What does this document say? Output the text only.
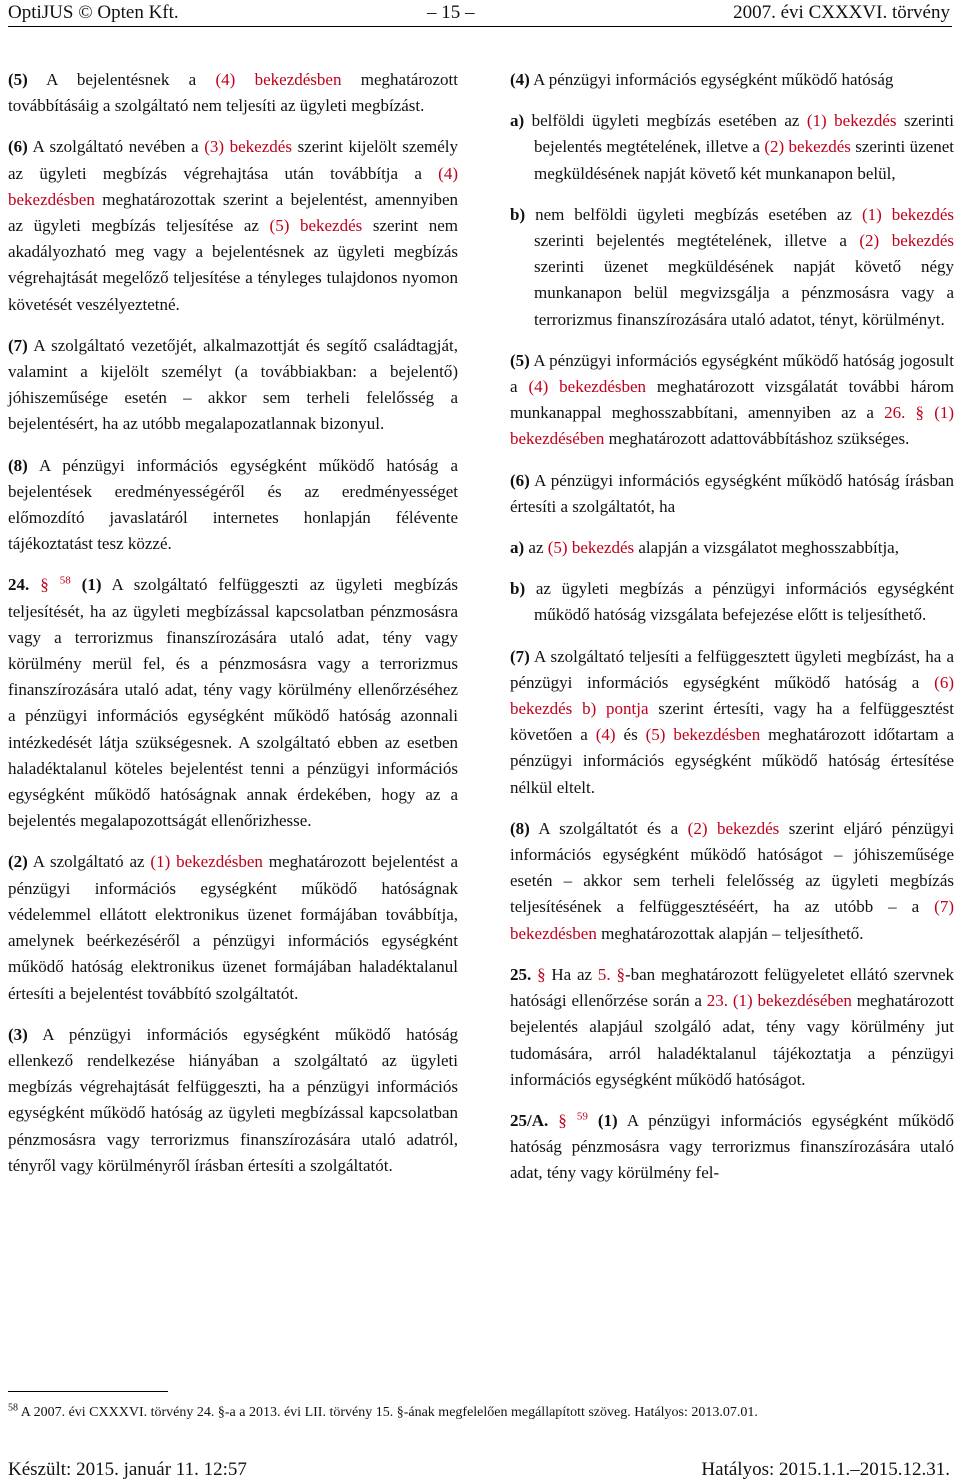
OptiJUS © Opten Kft.	– 15 –	2007. évi CXXXVI. törvény

(5) A bejelentésnek a (4) bekezdésben meghatározott továbbításáig a szolgáltató nem teljesíti az ügyleti megbízást.

(6) A szolgáltató nevében a (3) bekezdés szerint kijelölt személy az ügyleti megbízás végrehajtása után továbbítja a (4) bekezdésben meghatározottak szerint a bejelentést, amennyiben az ügyleti megbízás teljesítése az (5) bekezdés szerint nem akadályozható meg vagy a bejelentésnek az ügyleti megbízás végrehajtását megelőző teljesítése a tényleges tulajdonos nyomon követését veszélyeztetné.

(7) A szolgáltató vezetőjét, alkalmazottját és segítő családtagját, valamint a kijelölt személyt (a továbbiakban: a bejelentő) jóhiszeműsége esetén – akkor sem terheli felelősség a bejelentésért, ha az utóbb megalapozatlannak bizonyul.

(8) A pénzügyi információs egységként működő hatóság a bejelentések eredményességéről és az eredményességet előmozdító javaslatáról internetes honlapján félévente tájékoztatást tesz közzé.

24. § $^{58}$ (1) A szolgáltató felfüggeszti az ügyleti megbízás teljesítését, ha az ügyleti megbízással kapcsolatban pénzmosásra vagy a terrorizmus finanszírozására utaló adat, tény vagy körülmény merül fel, és a pénzmosásra vagy a terrorizmus finanszírozására utaló adat, tény vagy körülmény ellenőrzéséhez a pénzügyi információs egységként működő hatóság azonnali intézkedését látja szükségesnek. A szolgáltató ebben az esetben haladéktalanul köteles bejelentést tenni a pénzügyi információs egységként működő hatóságnak annak érdekében, hogy az a bejelentés megalapozottságát ellenőrizhesse.

(2) A szolgáltató az (1) bekezdésben meghatározott bejelentést a pénzügyi információs egységként működő hatóságnak védelemmel ellátott elektronikus üzenet formájában továbbítja, amelynek beérkezéséről a pénzügyi információs egységként működő hatóság elektronikus üzenet formájában haladéktalanul értesíti a bejelentést továbbító szolgáltatót.

(3) A pénzügyi információs egységként működő hatóság ellenkező rendelkezése hiányában a szolgáltató az ügyleti megbízás végrehajtását felfüggeszti, ha a pénzügyi információs egységként működő hatóság az ügyleti megbízással kapcsolatban pénzmosásra vagy terrorizmus finanszírozására utaló adatról, tényről vagy körülményről írásban értesíti a szolgáltatót.

(4) A pénzügyi információs egységként működő hatóság

a) belföldi ügyleti megbízás esetében az (1) bekezdés szerinti bejelentés megtételének, illetve a (2) bekezdés szerinti üzenet megküldésének napját követő két munkanapon belül,

b) nem belföldi ügyleti megbízás esetében az (1) bekezdés szerinti bejelentés megtételének, illetve a (2) bekezdés szerinti üzenet megküldésének napját követő négy munkanapon belül megvizsgálja a pénzmosásra vagy a terrorizmus finanszírozására utaló adatot, tényt, körülményt.

(5) A pénzügyi információs egységként működő hatóság jogosult a (4) bekezdésben meghatározott vizsgálatát további három munkanappal meghosszabbítani, amennyiben az a 26. § (1) bekezdésében meghatározott adattovábbításhoz szükséges.

(6) A pénzügyi információs egységként működő hatóság írásban értesíti a szolgáltatót, ha

a) az (5) bekezdés alapján a vizsgálatot meghosszabbítja,

b) az ügyleti megbízás a pénzügyi információs egységként működő hatóság vizsgálata befejezése előtt is teljesíthető.

(7) A szolgáltató teljesíti a felfüggesztett ügyleti megbízást, ha a pénzügyi információs egységként működő hatóság a (6) bekezdés b) pontja szerint értesíti, vagy ha a felfüggesztést követően a (4) és (5) bekezdésben meghatározott időtartam a pénzügyi információs egységként működő hatóság értesítése nélkül eltelt.

(8) A szolgáltatót és a (2) bekezdés szerint eljáró pénzügyi információs egységként működő hatóságot – jóhiszeműsége esetén – akkor sem terheli felelősség az ügyleti megbízás teljesítésének a felfüggesztéséért, ha az utóbb – a (7) bekezdésben meghatározottak alapján – teljesíthető.

25. § Ha az 5. §-ban meghatározott felügyeletet ellátó szervnek hatósági ellenőrzése során a 23. (1) bekezdésében meghatározott bejelentés alapjául szolgáló adat, tény vagy körülmény jut tudomására, arról haladéktalanul tájékoztatja a pénzügyi információs egységként működő hatóságot.

25/A. § $^{59}$ (1) A pénzügyi információs egységként működő hatóság pénzmosásra vagy terrorizmus finanszírozására utaló adat, tény vagy körülmény fel-

$^{58}$ A 2007. évi CXXXVI. törvény 24. §-a a 2013. évi LII. törvény 15. §-ának megfelelően megállapított szöveg. Hatályos: 2013.07.01.
Készült: 2015. január 11. 12:57	Hatályos: 2015.1.1.–2015.12.31.
